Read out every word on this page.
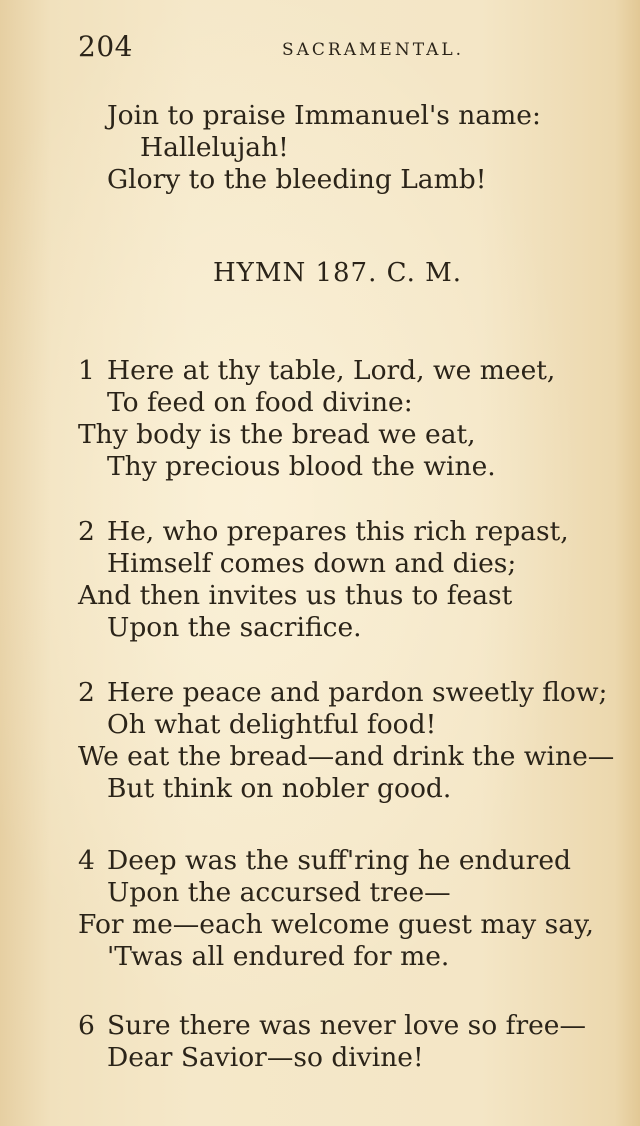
204	SACRAMENTAL.
Join to praise Immanuel's name:
Hallelujah!
Glory to the bleeding Lamb!
HYMN 187. C. M.
1 Here at thy table, Lord, we meet,
To feed on food divine:
Thy body is the bread we eat,
Thy precious blood the wine.
2 He, who prepares this rich repast,
Himself comes down and dies;
And then invites us thus to feast
Upon the sacrifice.
2 Here peace and pardon sweetly flow;
Oh what delightful food!
We eat the bread—and drink the wine—
But think on nobler good.
4 Deep was the suff'ring he endured
Upon the accursed tree—
For me—each welcome guest may say,
'Twas all endured for me.
6 Sure there was never love so free—
Dear Savior—so divine!
